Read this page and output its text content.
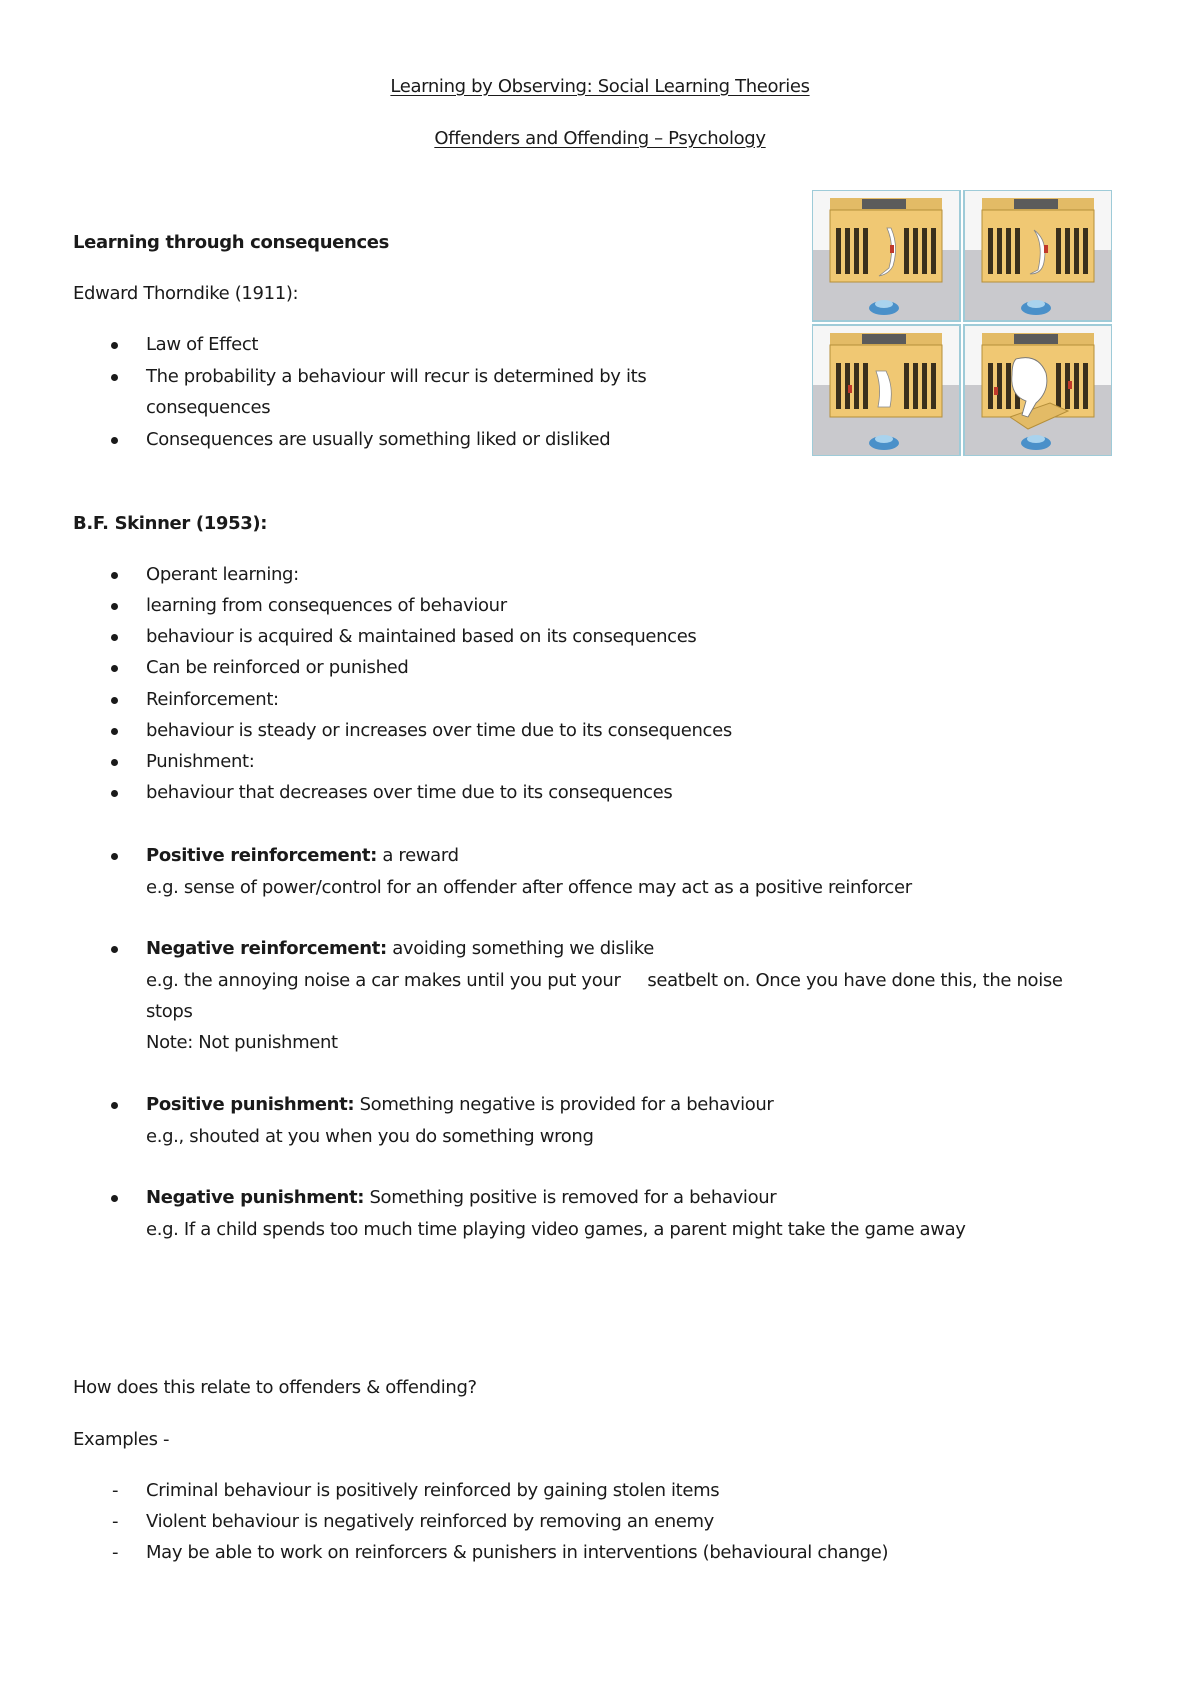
Learning by Observing: Social Learning Theories
Offenders and Offending – Psychology
Learning through consequences
Edward Thorndike (1911):
Law of Effect
The probability a behaviour will recur is determined by its
consequences
Consequences are usually something liked or disliked
B.F. Skinner (1953):
Operant learning:
learning from consequences of behaviour
behaviour is acquired & maintained based on its consequences
Can be reinforced or punished
Reinforcement:
behaviour is steady or increases over time due to its consequences
Punishment:
behaviour that decreases over time due to its consequences
Positive reinforcement: a reward
e.g. sense of power/control for an offender after offence may act as a positive reinforcer
Negative reinforcement: avoiding something we dislike
e.g. the annoying noise a car makes until you put your     seatbelt on. Once you have done this, the noise
stops
Note: Not punishment
Positive punishment: Something negative is provided for a behaviour
e.g., shouted at you when you do something wrong
Negative punishment: Something positive is removed for a behaviour
e.g. If a child spends too much time playing video games, a parent might take the game away
How does this relate to offenders & offending?
Examples -
- Criminal behaviour is positively reinforced by gaining stolen items
- Violent behaviour is negatively reinforced by removing an enemy
- May be able to work on reinforcers & punishers in interventions (behavioural change)
